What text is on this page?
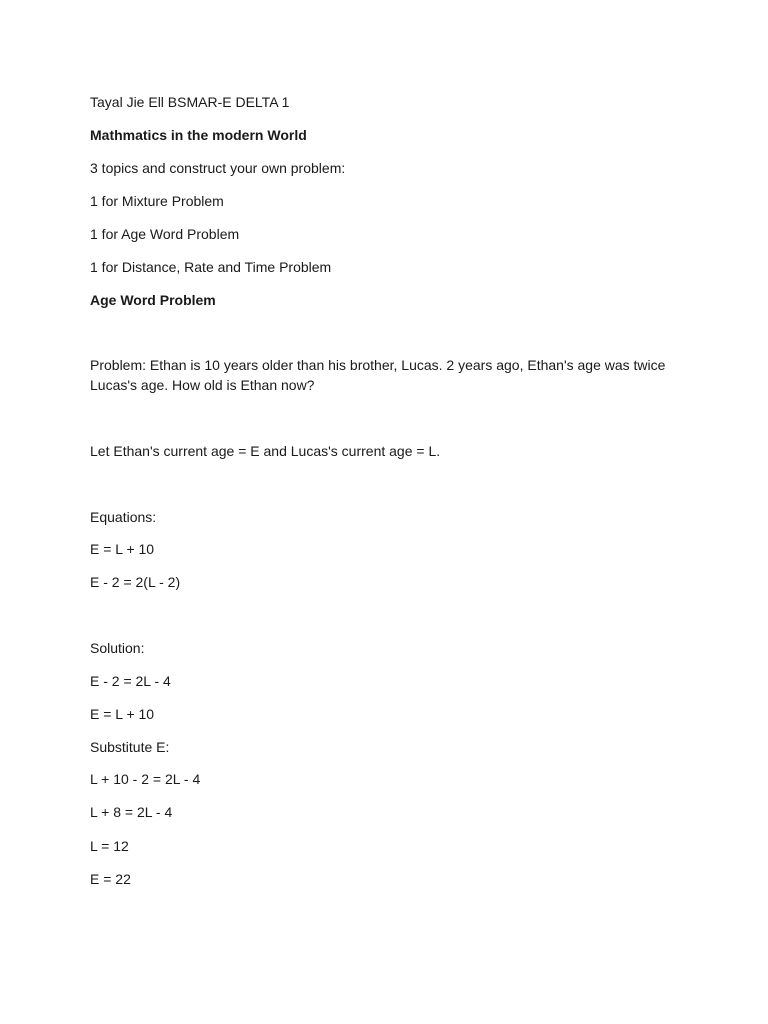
Tayal Jie Ell BSMAR-E DELTA 1
Mathmatics in the modern World
3 topics and construct your own problem:
1 for Mixture Problem
1 for Age Word Problem
1 for Distance, Rate and Time Problem
Age Word Problem
Problem: Ethan is 10 years older than his brother, Lucas. 2 years ago, Ethan's age was twice Lucas's age. How old is Ethan now?
Let Ethan's current age = E and Lucas's current age = L.
Equations:
E = L + 10
E - 2 = 2(L - 2)
Solution:
E - 2 = 2L - 4
E = L + 10
Substitute E:
L + 10 - 2 = 2L - 4
L + 8 = 2L - 4
L = 12
E = 22
